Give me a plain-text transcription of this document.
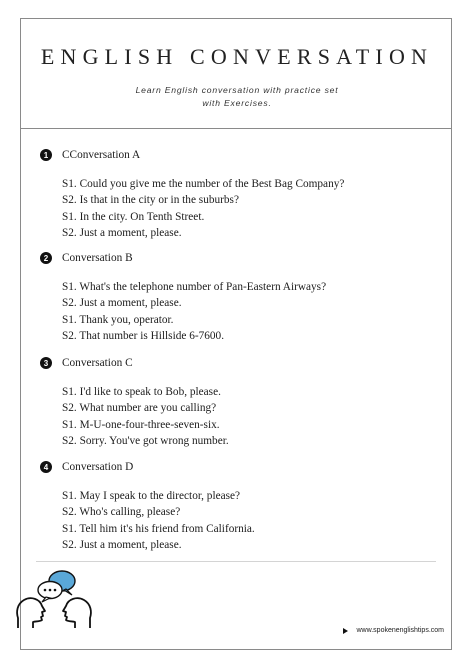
ENGLISH CONVERSATION
Learn English conversation with practice set
with Exercises.
1	CConversation A
S1. Could you give me the number of the Best Bag Company?
S2. Is that in the city or in the suburbs?
S1. In the city. On Tenth Street.
S2. Just a moment, please.
2	Conversation B
S1. What's the telephone number of Pan-Eastern Airways?
S2. Just a moment, please.
S1. Thank you, operator.
S2. That number is Hillside 6-7600.
3	Conversation C
S1. I'd like to speak to Bob, please.
S2. What number are you calling?
S1. M-U-one-four-three-seven-six.
S2. Sorry. You've got wrong number.
4	Conversation D
S1. May I speak to the director, please?
S2. Who's calling, please?
S1. Tell him it's his friend from California.
S2. Just a moment, please.
www.spokenenglishtips.com
